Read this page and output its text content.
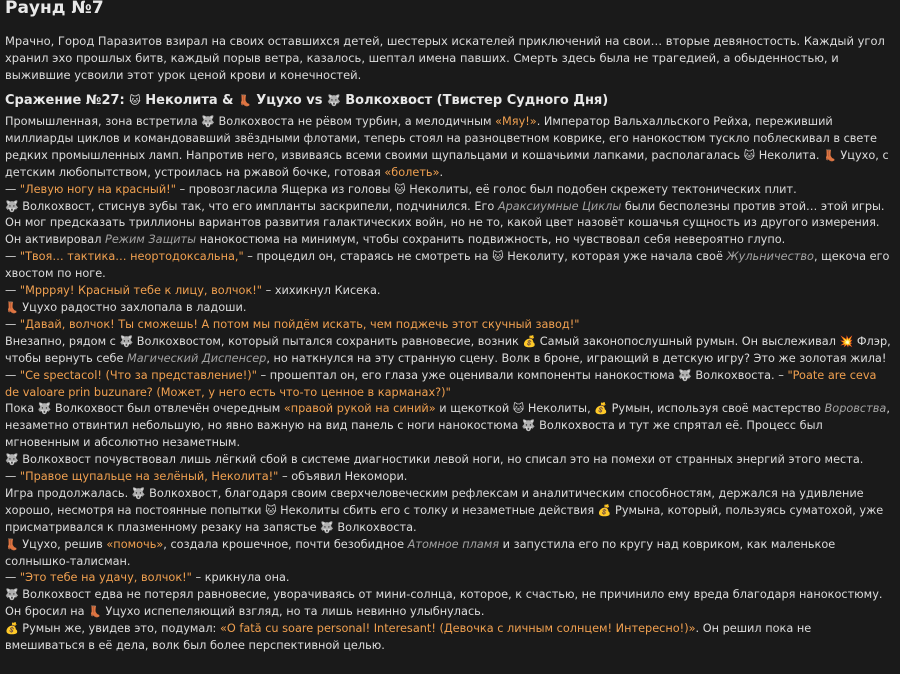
Раунд №7

Мрачно, Город Паразитов взирал на своих оставшихся детей, шестерых искателей приключений на свои… вторые девяностость. Каждый угол хранил эхо прошлых битв, каждый порыв ветра, казалось, шептал имена павших. Смерть здесь была не трагедией, а обыденностью, и выжившие усвоили этот урок ценой крови и конечностей.

Сражение №27: 🐱 Неколита & 👢 Уцухо vs 🐺 Волкохвост (Твистер Судного Дня)

Промышленная, зона встретила 🐺 Волкохвоста не рёвом турбин, а мелодичным «Мяу!». Император Вальхалльского Рейха, переживший миллиарды циклов и командовавший звёздными флотами, теперь стоял на разноцветном коврике, его нанокостюм тускло поблескивал в свете редких промышленных ламп. Напротив него, извиваясь всеми своими щупальцами и кошачьими лапками, располагалась 🐱 Неколита. 👢 Уцухо, с детским любопытством, устроилась на ржавой бочке, готовая «болеть».

— "Левую ногу на красный!" – провозгласила Ящерка из головы 🐱 Неколиты, её голос был подобен скрежету тектонических плит.

🐺 Волкохвост, стиснув зубы так, что его импланты заскрипели, подчинился. Его Араксиумные Циклы были бесполезны против этой… этой игры. Он мог предсказать триллионы вариантов развития галактических войн, но не то, какой цвет назовёт кошачья сущность из другого измерения. Он активировал Режим Защиты нанокостюма на минимум, чтобы сохранить подвижность, но чувствовал себя невероятно глупо.

— "Твоя… тактика… неортодоксальна," – процедил он, стараясь не смотреть на 🐱 Неколиту, которая уже начала своё Жульничество, щекоча его хвостом по ноге.

— "Мррряу! Красный тебе к лицу, волчок!" – хихикнул Кисека.

👢 Уцухо радостно захлопала в ладоши.

— "Давай, волчок! Ты сможешь! А потом мы пойдём искать, чем поджечь этот скучный завод!"

Внезапно, рядом с 🐺 Волкохвостом, который пытался сохранить равновесие, возник 💰 Самый законопослушный румын. Он выслеживал 💥 Флэр, чтобы вернуть себе Магический Диспенсер, но наткнулся на эту странную сцену. Волк в броне, играющий в детскую игру? Это же золотая жила!

— "Ce spectacol! (Что за представление!)" – прошептал он, его глаза уже оценивали компоненты нанокостюма 🐺 Волкохвоста. – "Poate are ceva de valoare prin buzunare? (Может, у него есть что-то ценное в карманах?)"

Пока 🐺 Волкохвост был отвлечён очередным «правой рукой на синий» и щекоткой 🐱 Неколиты, 💰 Румын, используя своё мастерство Воровства, незаметно отвинтил небольшую, но явно важную на вид панель с ноги нанокостюма 🐺 Волкохвоста и тут же спрятал её. Процесс был мгновенным и абсолютно незаметным.

🐺 Волкохвост почувствовал лишь лёгкий сбой в системе диагностики левой ноги, но списал это на помехи от странных энергий этого места.

— "Правое щупальце на зелёный, Неколита!" – объявил Некомори.

Игра продолжалась. 🐺 Волкохвост, благодаря своим сверхчеловеческим рефлексам и аналитическим способностям, держался на удивление хорошо, несмотря на постоянные попытки 🐱 Неколиты сбить его с толку и незаметные действия 💰 Румына, который, пользуясь суматохой, уже присматривался к плазменному резаку на запястье 🐺 Волкохвоста.

👢 Уцухо, решив «помочь», создала крошечное, почти безобидное Атомное пламя и запустила его по кругу над ковриком, как маленькое солнышко-талисман.

— "Это тебе на удачу, волчок!" – крикнула она.

🐺 Волкохвост едва не потерял равновесие, уворачиваясь от мини-солнца, которое, к счастью, не причинило ему вреда благодаря нанокостюму. Он бросил на 👢 Уцухо испепеляющий взгляд, но та лишь невинно улыбнулась.

💰 Румын же, увидев это, подумал: «O fată cu soare personal! Interesant! (Девочка с личным солнцем! Интересно!)». Он решил пока не вмешиваться в её дела, волк был более перспективной целью.
